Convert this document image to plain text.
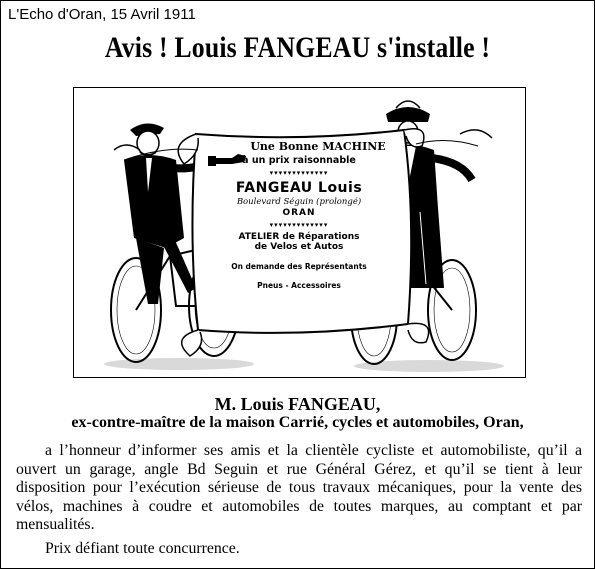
L'Echo d'Oran, 15 Avril 1911
Avis ! Louis FANGEAU s'installe !
Une Bonne MACHINE
à un prix raisonnable
▾▾▾▾▾▾▾▾▾▾▾▾▾
FANGEAU Louis
Boulevard Séguin (prolongé)
ORAN
▾▾▾▾▾▾▾▾▾▾▾▾▾
ATELIER de Réparations
de Velos et Autos
On demande des Représentants
Pneus - Accessoires
M. Louis FANGEAU,
ex-contre-maître de la maison Carrié, cycles et automobiles, Oran,
a l’honneur d’informer ses amis et la clientèle cycliste et automobiliste, qu’il a ouvert un garage, angle Bd Seguin et rue Général Gérez, et qu’il se tient à leur disposition pour l’exécution sérieuse de tous travaux mécaniques, pour la vente des vélos, machines à coudre et automobiles de toutes marques, au comptant et par mensualités.
Prix défiant toute concurrence.
